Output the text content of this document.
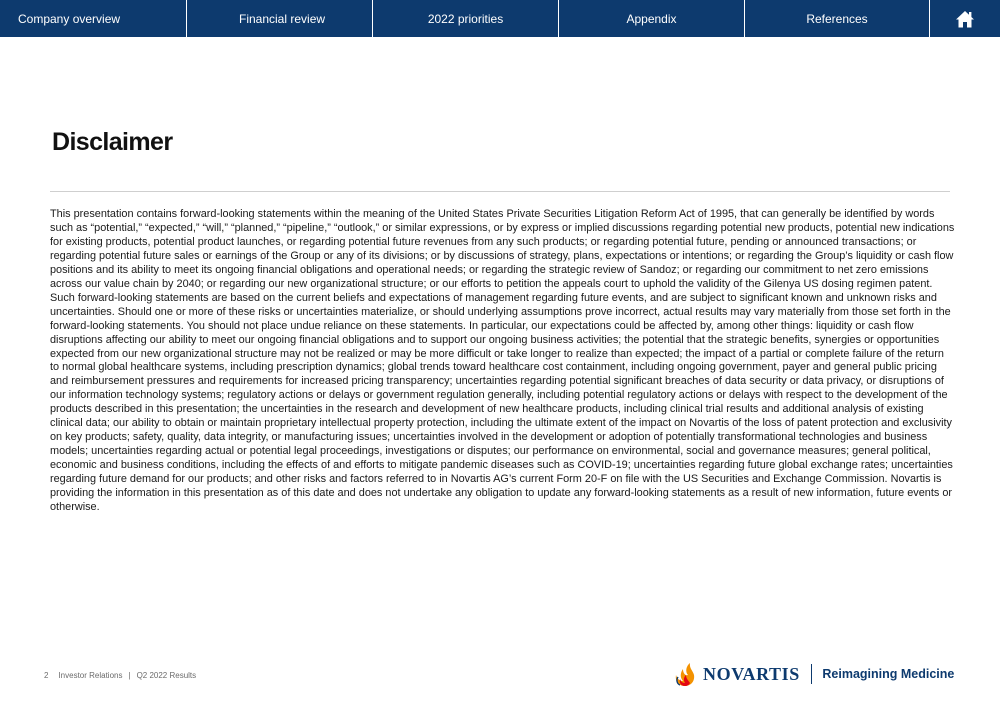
Company overview	Financial review	2022 priorities	Appendix	References
Disclaimer

This presentation contains forward-looking statements within the meaning of the United States Private Securities Litigation Reform Act of 1995, that can generally be identified by words such as “potential,” “expected,” “will,” “planned,” “pipeline,” “outlook,” or similar expressions, or by express or implied discussions regarding potential new products, potential new indications for existing products, potential product launches, or regarding potential future revenues from any such products; or regarding potential future, pending or announced transactions; or regarding potential future sales or earnings of the Group or any of its divisions; or by discussions of strategy, plans, expectations or intentions; or regarding the Group’s liquidity or cash flow positions and its ability to meet its ongoing financial obligations and operational needs; or regarding the strategic review of Sandoz; or regarding our commitment to net zero emissions across our value chain by 2040; or regarding our new organizational structure; or our efforts to petition the appeals court to uphold the validity of the Gilenya US dosing regimen patent. Such forward-looking statements are based on the current beliefs and expectations of management regarding future events, and are subject to significant known and unknown risks and uncertainties. Should one or more of these risks or uncertainties materialize, or should underlying assumptions prove incorrect, actual results may vary materially from those set forth in the forward-looking statements. You should not place undue reliance on these statements. In particular, our expectations could be affected by, among other things: liquidity or cash flow disruptions affecting our ability to meet our ongoing financial obligations and to support our ongoing business activities; the potential that the strategic benefits, synergies or opportunities expected from our new organizational structure may not be realized or may be more difficult or take longer to realize than expected; the impact of a partial or complete failure of the return to normal global healthcare systems, including prescription dynamics; global trends toward healthcare cost containment, including ongoing government, payer and general public pricing and reimbursement pressures and requirements for increased pricing transparency; uncertainties regarding potential significant breaches of data security or data privacy, or disruptions of our information technology systems; regulatory actions or delays or government regulation generally, including potential regulatory actions or delays with respect to the development of the products described in this presentation; the uncertainties in the research and development of new healthcare products, including clinical trial results and additional analysis of existing clinical data; our ability to obtain or maintain proprietary intellectual property protection, including the ultimate extent of the impact on Novartis of the loss of patent protection and exclusivity on key products; safety, quality, data integrity, or manufacturing issues; uncertainties involved in the development or adoption of potentially transformational technologies and business models; uncertainties regarding actual or potential legal proceedings, investigations or disputes; our performance on environmental, social and governance measures; general political, economic and business conditions, including the effects of and efforts to mitigate pandemic diseases such as COVID-19; uncertainties regarding future global exchange rates; uncertainties regarding future demand for our products; and other risks and factors referred to in Novartis AG’s current Form 20-F on file with the US Securities and Exchange Commission. Novartis is providing the information in this presentation as of this date and does not undertake any obligation to update any forward-looking statements as a result of new information, future events or otherwise.

2 Investor Relations | Q2 2022 Results	NOVARTIS Reimagining Medicine
